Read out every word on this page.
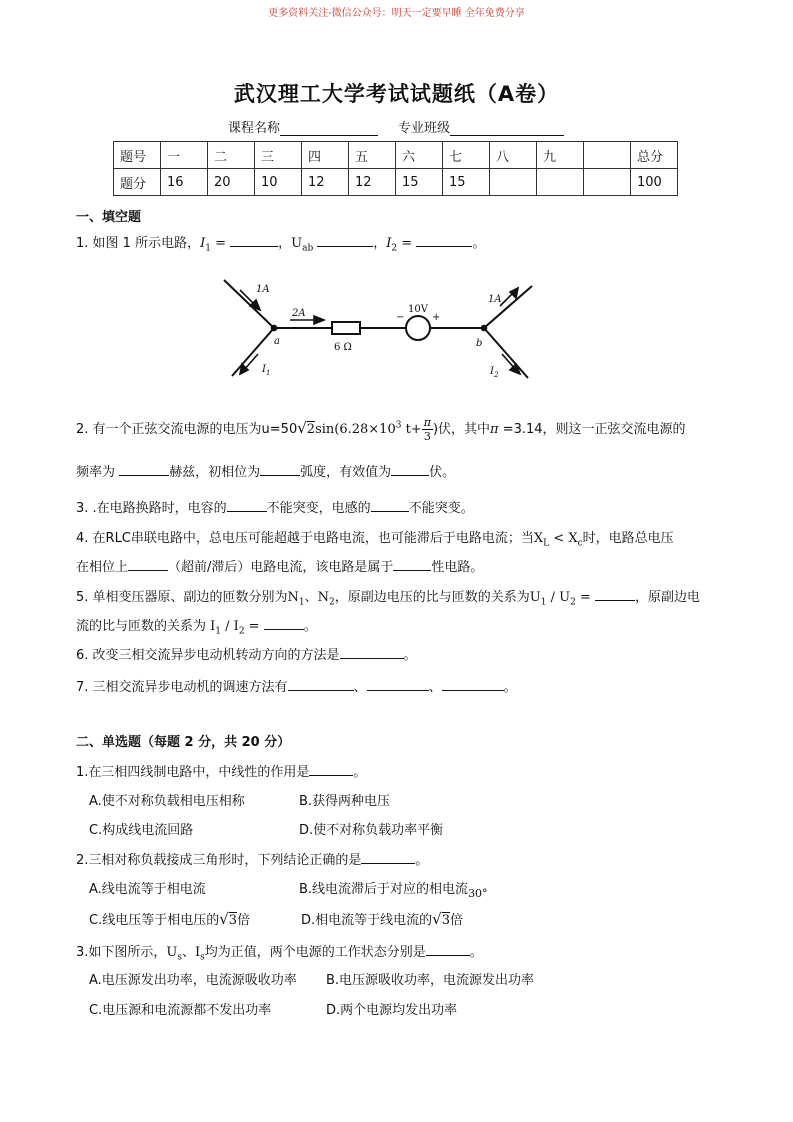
更多资料关注-微信公众号：明天一定要早睡 全年免费分享
武汉理工大学考试试题纸（A卷）
课程名称	专业班级
题号	一	二	三	四	五	六	七	八	九		总分
题分	16	20	10	12	12	15	15				100
一、填空题
1. 如图 1 所示电路，$I_1$ =	，$U_{ab}$	，$I_2$ =	。
1A
2A
a
I 1
1A
b
I 2
6 Ω
10V
+
−
2. 有一个正弦交流电源的电压为$u=50√2\sin(6.28\times 10^3$ $t+ \frac{\pi}{3}$ )伏，其中π =3.14，则这一正弦交流电源的
频率为	赫兹，初相位为	弧度，有效值为	伏。
3. .在电路换路时，电容的	不能突变，电感的	不能突变。
4. 在RLC串联电路中，总电压可能超越于电路电流，也可能滞后于电路电流；当$X_L < X_c$时，电路总电压
在相位上	（超前/滞后）电路电流，该电路是属于	性电路。
5. 单相变压器原、副边的匝数分别为$N_1$、$N_2$，原副边电压的比与匝数的关系为$U_1 / U_2$ =	，原副边电
流的比与匝数的关系为 $I_1 / I_2$ =	。
6. 改变三相交流异步电动机转动方向的方法是	。
7. 三相交流异步电动机的调速方法有	、	、	。
二、单选题（每题 2 分，共 20 分）
1.在三相四线制电路中，中线性的作用是	。
A.使不对称负载相电压相称	B.获得两种电压
C.构成线电流回路	D.使不对称负载功率平衡
2.三相对称负载接成三角形时，下列结论正确的是	。
A.线电流等于相电流	B.线电流滞后于对应的相电流$_{30^\circ}$
C.线电压等于相电压的√3倍	D.相电流等于线电流的√3倍
3.如下图所示，$U_s$、$I_s$均为正值，两个电源的工作状态分别是	。
A.电压源发出功率，电流源吸收功率 B.电压源吸收功率，电流源发出功率
C.电压源和电流源都不发出功率	D.两个电源均发出功率
